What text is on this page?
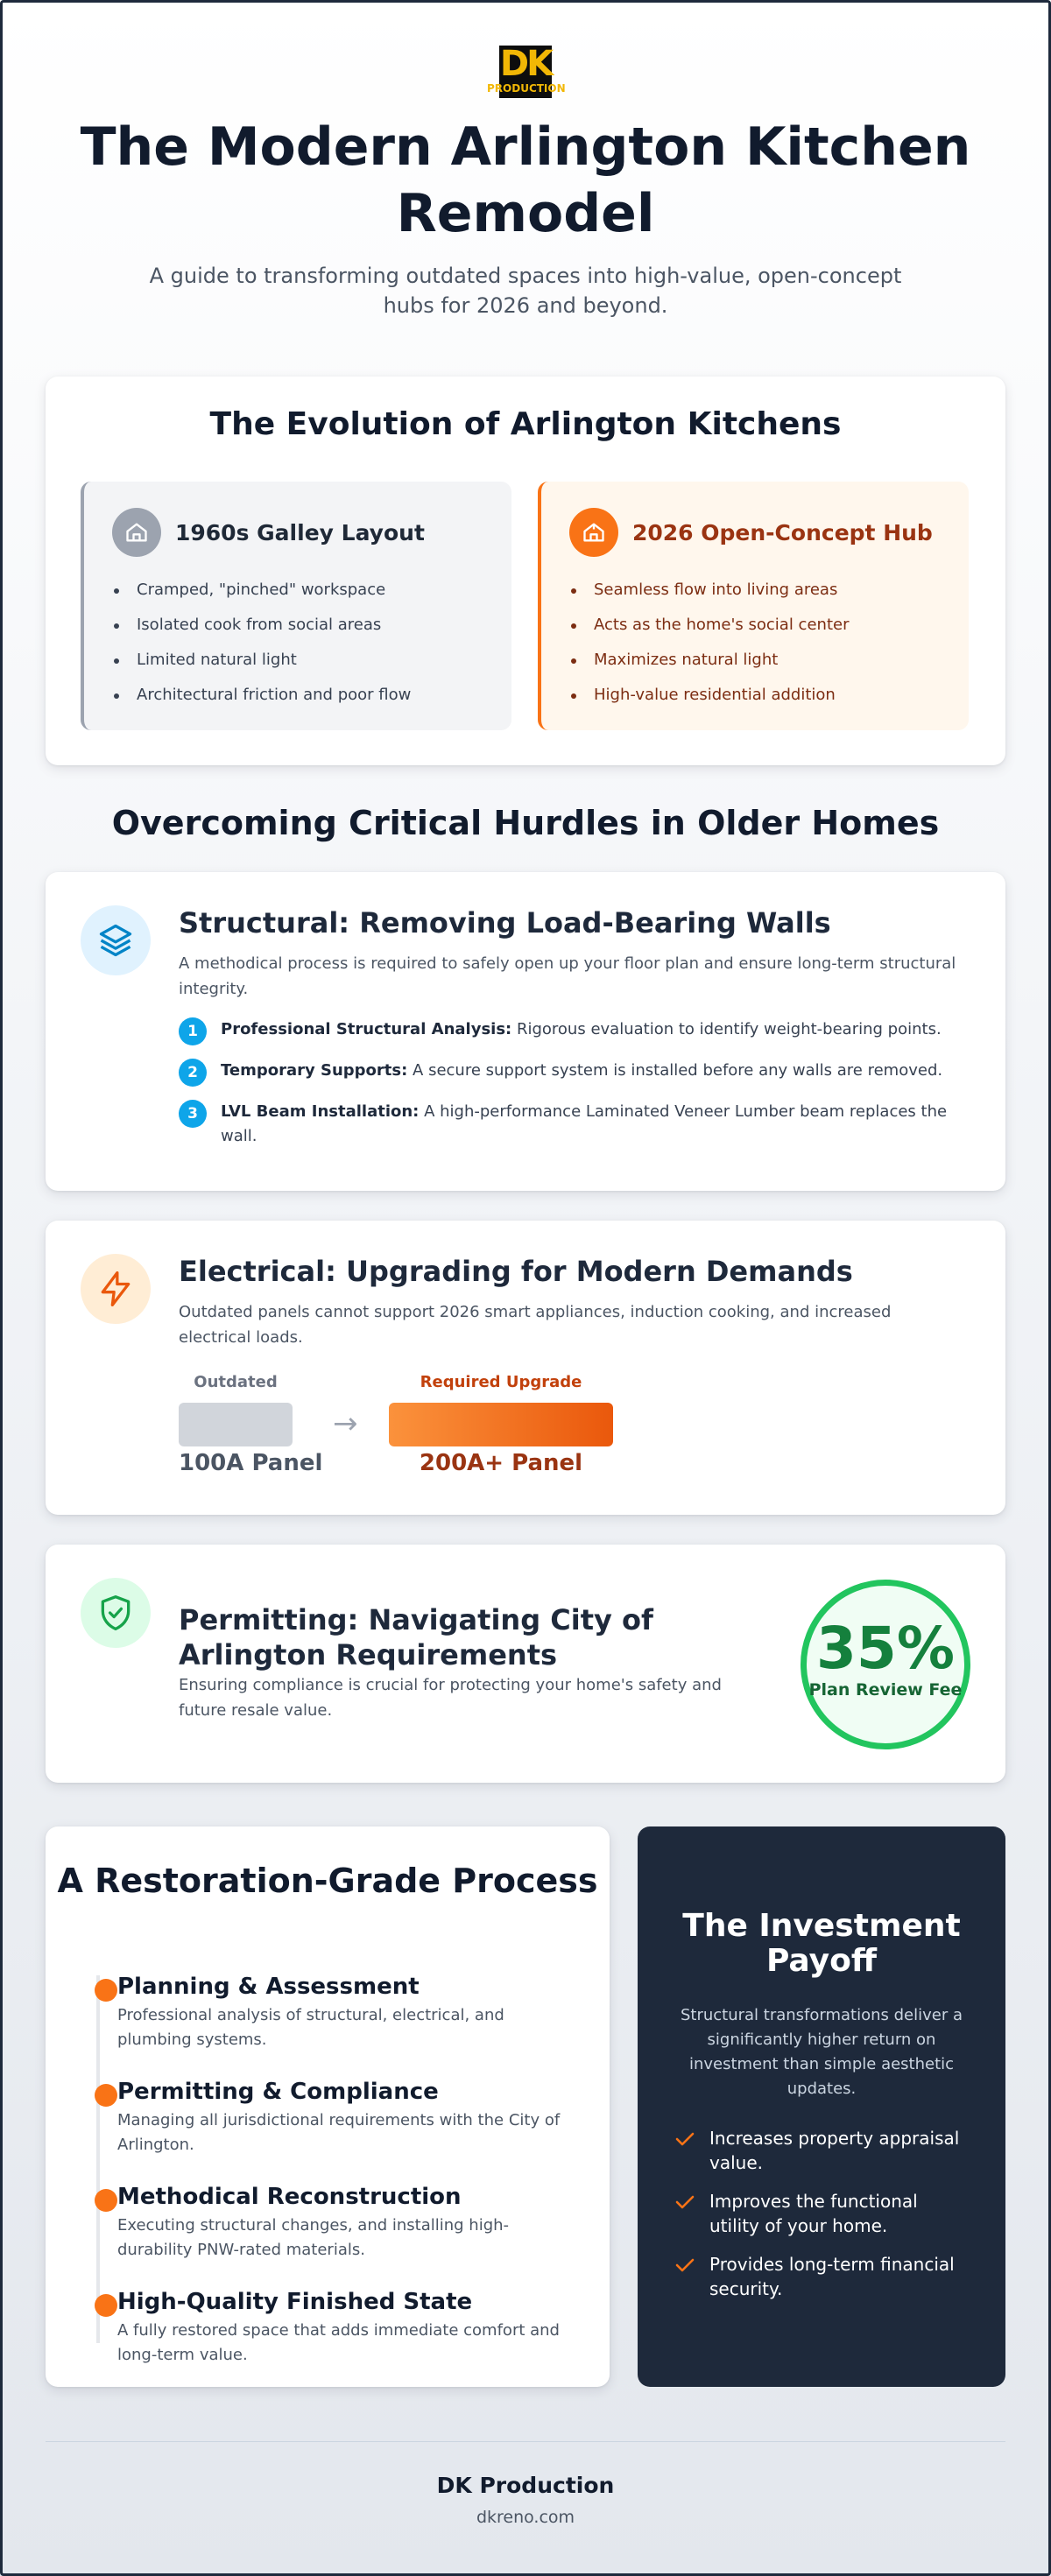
DK
PRODUCTION
The Modern Arlington Kitchen Remodel

A guide to transforming outdated spaces into high-value, open-concept hubs for 2026 and beyond.

The Evolution of Arlington Kitchens
1960s Galley Layout
Cramped, "pinched" workspace
Isolated cook from social areas
Limited natural light
Architectural friction and poor flow
2026 Open-Concept Hub
Seamless flow into living areas
Acts as the home's social center
Maximizes natural light
High-value residential addition
Overcoming Critical Hurdles in Older Homes
Structural: Removing Load-Bearing Walls

A methodical process is required to safely open up your floor plan and ensure long-term structural integrity.

1	Professional Structural Analysis: Rigorous evaluation to identify weight-bearing points.
2	Temporary Supports: A secure support system is installed before any walls are removed.
3	LVL Beam Installation: A high-performance Laminated Veneer Lumber beam replaces the wall.
Electrical: Upgrading for Modern Demands

Outdated panels cannot support 2026 smart appliances, induction cooking, and increased electrical loads.

Outdated
100A Panel
→
Required Upgrade
200A+ Panel
Permitting: Navigating City of Arlington Requirements

Ensuring compliance is crucial for protecting your home's safety and future resale value.

35%
Plan Review Fee
A Restoration-Grade Process
Planning & Assessment
Professional analysis of structural, electrical, and plumbing systems.
Permitting & Compliance
Managing all jurisdictional requirements with the City of Arlington.
Methodical Reconstruction
Executing structural changes, and installing high-durability PNW-rated materials.
High-Quality Finished State
A fully restored space that adds immediate comfort and long-term value.
The Investment Payoff

Structural transformations deliver a significantly higher return on investment than simple aesthetic updates.

Increases property appraisal value.
Improves the functional utility of your home.
Provides long-term financial security.
DK Production
dkreno.com
